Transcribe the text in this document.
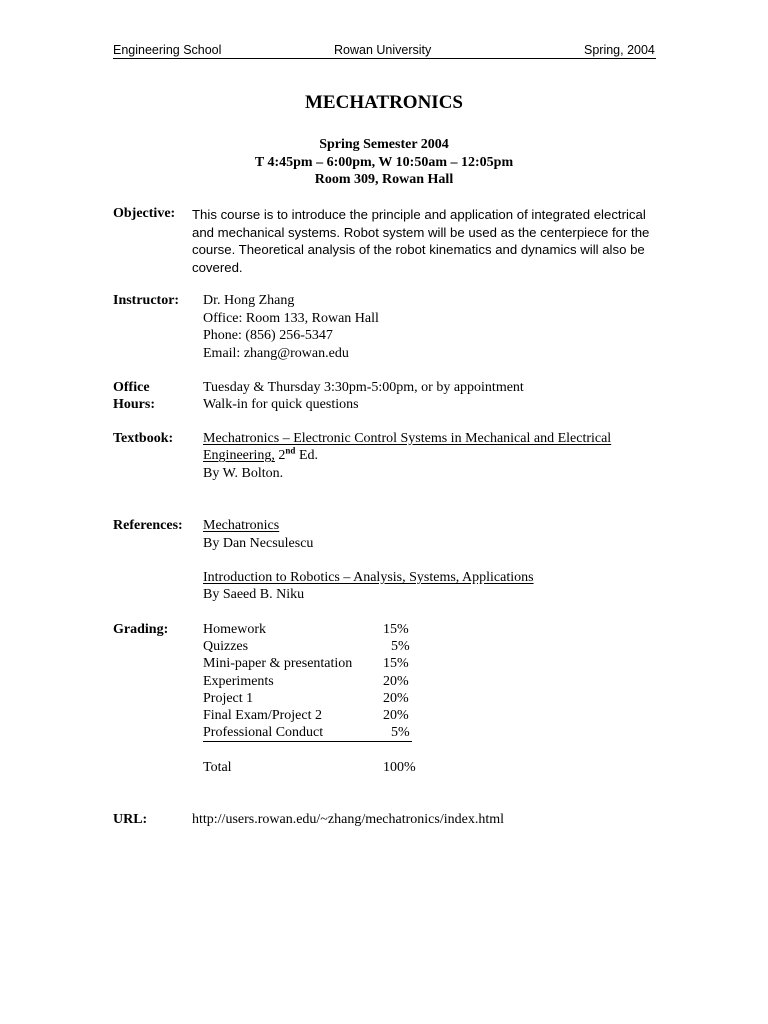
Engineering School	Rowan University	Spring, 2004
MECHATRONICS
Spring Semester 2004
T 4:45pm – 6:00pm, W 10:50am – 12:05pm
Room 309, Rowan Hall
Objective: This course is to introduce the principle and application of integrated electrical and mechanical systems. Robot system will be used as the centerpiece for the course. Theoretical analysis of the robot kinematics and dynamics will also be covered.
Instructor: Dr. Hong Zhang
Office: Room 133, Rowan Hall
Phone: (856) 256-5347
Email: zhang@rowan.edu
Office
Hours:
Tuesday & Thursday 3:30pm-5:00pm, or by appointment
Walk-in for quick questions
Textbook: Mechatronics – Electronic Control Systems in Mechanical and Electrical
Engineering, 2nd Ed.
By W. Bolton.
References: Mechatronics
By Dan Necsulescu
Introduction to Robotics – Analysis, Systems, Applications
By Saeed B. Niku
Grading: Homework	15%
Quizzes	5%
Mini-paper & presentation 15%
Experiments	20%
Project 1	20%
Final Exam/Project 2	20%
Professional Conduct	5%
Total	100%
URL:	http://users.rowan.edu/~zhang/mechatronics/index.html
